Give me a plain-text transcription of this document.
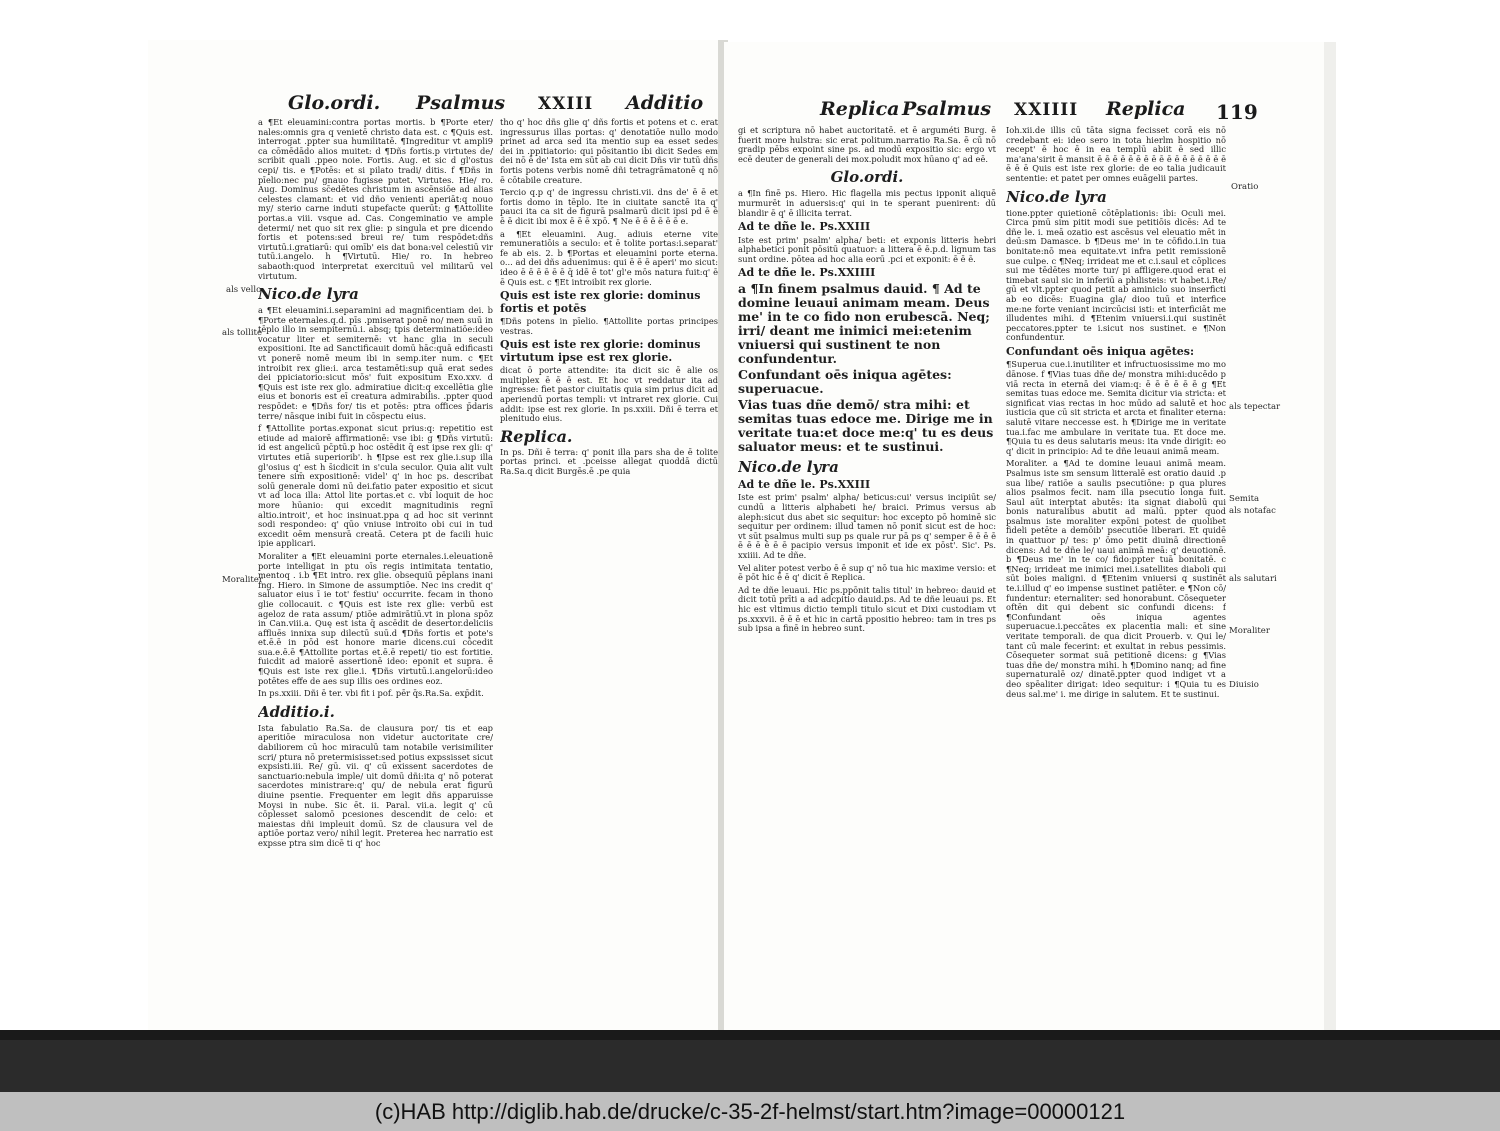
Glo.ordi. Psalmus XXIII Additio

a ¶Et eleuamini:contra portas mortis. b ¶Porte eter/ nales:omnis gra q venietē christo data est. c ¶Quis est. interrogat .ppter sua humilitatē. ¶Ingreditur vt ampli9 ca cōmēdādo alios muitet: d ¶Dñs fortis.p virtutes de/ scribit quali .ppeo noie. Fortis. Aug. et sic d gl'ostus cepi/ tis. e ¶Potēs: et si pilato tradi/ ditis. f ¶Dñs in pīelio:nec pu/ gnauo fugisse putet. Virtutes. Hie/ ro. Aug. Dominus sc̄edētes christum in ascēnsiōe ad alias celestes clamant: et vid dño venienti aperiāt:q nouo my/ sterio carne induti stupefacte querūt: g ¶Attollite portas.a viii. vsque ad. Cas. Congeminatio ve ample determi/ net quo sit rex glie: p singula et pre dicendo fortis et potens:sed breui re/ tum respōdet:dñs virtutū.i.gratiarū: qui omīb' eis dat bona:vel celestiū vir tutū.i.angelo. h ¶Virtutū. Hie/ ro. In hebreo sabaoth:quod interpretat exercituū vel militarū vel virtutum.

Nico.de lyra

a ¶Et eleuamini.i.separamini ad magnificentiam dei. b ¶Porte eternales.q.d. pīs .pmiserat ponē no/ men suū in tēplo illo in sempiternū.i. absq; tpis determinatiōe:ideo vocatur liter et semiternē: vt hanc glia in seculi expositioni. Ite ad Sanctificauit domū hāc:quā edificasti vt ponerē nomē meum ibi in semp.iter num. c ¶Et introibit rex glie:i. arca testamēti:sup quā erat sedes dei ppiciatorio:sicut mōs' fuit expositum Exo.xxv. d ¶Quis est iste rex glo. admiratiue dicit:q excellētia glie eius et bonoris est eī creatura admirabilis. .ppter quod respōdet: e ¶Dñs for/ tis et potēs: ptra offices p̄daris terre/ nāsque inibi fuit in cōspectu eius.

f ¶Attollite portas.exponat sicut prius:q: repetitio est etiude ad maiorē affirmationē: vse ibi: g ¶Dñs virtutū: id est angelicū pc̄ptū.p hoc ostēdit q̄ est ipse rex gli: q' virtutes etiā superiorib'. h ¶Ipse est rex glie.i.sup illa gl'osius q' est h s̄icdicit in s'cula seculor. Quia alit vult tenere sim̄ expositionē: videl' q' in hoc ps. describat solū generale domi nū dei.fatio pater expositio et sicut vt ad loca illa: Attol lite portas.et c. vbi loquit de hoc more hūanio: qui excedit magnitudinis regnī altio.introit', et hoc insinuat.ppa q ad hoc sit verinnt sodi respondeo: q' qūo vniuse introito obi cui in tud excedit oēm mensurā creatā. Cetera pt de facili huic ipie applicari.

Moraliter a ¶Et eleuamini porte eternales.i.eleuationē porte intelligat in ptu oīs regis intimitata tentatio, mentoq . i.b ¶Et intro. rex glie. obsequiū pēplans inani fng. Hiero. in Simone de assumptiōe. Nec ins credit q' saluator eius ī ie tot' festiu' occurrite. fecam in thono glie collocauit. c ¶Quis est iste rex glie: verbū est ageloz de rata assum/ ptiōe admirātiū.vt in plona spōz in Can.viii.a. Quę est ista q̄ ascēdit de desertor.deliciis affluēs innixa sup dilectū suū.d ¶Dñs fortis et pote's et.ē.ē in pōd est honore marie dicens.cui cōcedit sua.e.ē.ē ¶Attollite portas et.ē.ē repeti/ tio est fortitie. fuicdit ad maiorē assertionē ideo: eponit et supra. ē ¶Quis est iste rex glie.i. ¶Dñs virtutū.i.angelorū:ideo potētes effe de aes sup illis oes ordines eoz.

In ps.xxiii. Dñi ē ter. vbi fit i pof. pēr q̄s.Ra.Sa. exp̄dit.

Additio.i.

Ista fabulatio Ra.Sa. de clausura por/ tis et eap aperitiōe miraculosa non videtur auctoritate cre/ dabiliorem cū hoc miraculū tam notabile verisimiliter scri/ ptura nō pretermisisset:sed potius expssisset sicut expsisti.iii. Re/ gū. vii. q' cū exissent sacerdotes de sanctuario:nebula imple/ uit domū dñi:ita q' nō poterat sacerdotes ministrare:q' qu/ de nebula erat figurū diuine psentie. Frequenter em legit dñs apparuisse Moysi in nube. Sic ēt. ii. Paral. vii.a. legit q' cū cōplesset salomō pcesiones descendit de celo: et maiestas dñi impleuit domū. Sz de clausura vel de aptiōe portaz vero/ nihil legit. Preterea hec narratio est expsse ptra sim dicē ti q' hoc

tho q' hoc dñs glie q' dñs fortis et potens et c. erat ingressurus illas portas: q' denotatiōe nullo modo prinet ad arca sed ita mentio sup ea esset sedes dei in .ppitiatorio: qui pōsitantio ibi dicit Sedes em dei nō ē de' Ista em sūt ab cui dicit Dñs vir tutū dñs fortis potens verbis nomē dñi tetragrāmatonē q nō ē cōtabile creature.

Tercio q.p q' de ingressu christi.vii. dns de' ē ē et fortis domo in tēplo. Ite in ciuitate sanctē ita q' pauci ita ca sit de figurā psalmarū dicit ipsi pd ē ē ē ē dicit ibi mox ē ē ē xpō. ¶ Ne ē ē ē ē ē ē e.

a ¶Et eleuamini. Aug. adiuis eterne vite remuneratiōis a seculo: et ē tolite portas:i.separat' fe ab eis. 2. b ¶Portas et eleuamini porte eterna. o... ad dei dñs aduenimus: qui ē ē ē aperi' mo sicut: ideo ē ē ē ē ē ē q̄ idē ē tot' gl'e mōs natura fuit:q' ē ē Quis est. c ¶Et introibit rex glorie.

Quis est iste rex glorie: dominus fortis et potēs

¶Dñs potens in pīelio. ¶Attollite portas principes vestras.

Quis est iste rex glorie: dominus virtutum ipse est rex glorie.

dicat ō porte attendite: ita dicit sic ē alie os multiplex ē ē ē est. Et hoc vt reddatur ita ad ingresse: fiet pastor ciuitatis quia sim prius dicit ad aperiendū portas templi: vt intraret rex glorie. Cui addit: ipse est rex glorie. In ps.xxiii. Dñi ē terra et plenitudo eius.

Replica.

In ps. Dñi ē terra: q' ponit illa pars sha de ē tolite portas princi. et .pceisse allegat quoddā dictū Ra.Sa.q dicit Burgēs.ē .pe quia

als vello
als tollite
Moraliter
Replica Psalmus XXIIII Replica 119

gi et scriptura nō habet auctoritatē. et ē arguméti Burg. ē fuerit more hulstra: sic erat politum.narratio Ra.Sa. ē cū nō gradip pēbs expoint sine ps. ad modū expositio sic: ergo vt ecē deuter de generali dei mox.poludit mox hūano q' ad eē.

Glo.ordi.

a ¶In finē ps. Hiero. Hic flagella mis pectus ipponit aliquē murmurēt in aduersis:q' qui in te sperant puenirent: dū blandir ē q' ē illicita terrat.

Ad te dñe le. Ps.XXIII

Iste est prim' psalm' alpha/ beti: et exponis litteris hebri alphabetici ponit pōsitū quatuor: a littera ē ē.p.d. lignum tas sunt ordine. pōtea ad hoc alia eorū .pci et exponit: ē ē ē.

Ad te dñe le. Ps.XXIIII

a ¶In finem psalmus dauid. ¶ Ad te domine leuaui animam meam. Deus me' in te co fido non erubescā. Neq; irri/ deant me inimici mei:etenim vniuersi qui sustinent te non confundentur.

Confundant oēs iniqua agētes: superuacue.

Vias tuas dñe demō/ stra mihi: et semitas tuas edoce me. Dirige me in veritate tua:et doce me:q' tu es deus saluator meus: et te sustinui.

Nico.de lyra
Ad te dñe le. Ps.XXIII

Iste est prim' psalm' alpha/ beticus:cui' versus incipiūt se/ cundū a litteris alphabeti he/ braici. Primus versus ab aleph:sicut dus abet sic sequitur: hoc excepto pō hominē sic sequitur per ordinem: illud tamen nō ponit sicut est de hoc: vt sūt psalmus multi sup ps quale rur pā ps q' semper ē ē ē ē ē ē ē ē ē ē pacipio versus imponit et ide ex pōst'. Sic'. Ps. xxiiii. Ad te dñe.

Vel aliter potest verbo ē ē sup q' nō tua hic maxime versio: et ē pōt hic ē ē q' dicit ē Replica.

Ad te dñe leuaui. Hic ps.ppōnit talis titul' in hebreo: dauid et dicit totū prīti a ad adcpitio dauid.ps. Ad te dñe leuaui ps. Et hic est vltimus dictio templi titulo sicut et Dixi custodiam vt ps.xxxvii. ē ē ē et hic in cartā ppositio hebreo: tam in tres ps sub ipsa a finē in hebreo sunt.

Ioh.xii.de illis cū tāta signa fecisset corā eis nō credebant ei: ideo sero in tota hierlm hospitio nō recept' ē hoc ē in ea templū abiit ē sed illic ma'ana'sirit ē mansit ē ē ē ē ē ē ē ē ē ē ē ē ē ē ē ē ē ē ē ē Quis est iste rex glorie: de eo talia judicauit sententie: et patet per omnes euāgelii partes.

Nico.de lyra

tione.ppter quietionē cōtēplationis: ibi: Oculi mei. Circa pmū sim pitit modi sue petitiōis dicēs: Ad te dñe le. i. meā ozatio est ascēsus vel eleuatio mēt in deū:sm Damasce. b ¶Deus me' in te cōfido.i.in tua bonitate:nō mea equitate.vt infra petit remissionē sue culpe. c ¶Neq; irrideat me et c.i.saul et cōplices sui me tēdētes morte tur/ pi affligere.quod erat ei timebat saul sic in inferiū a philisteis: vt habet.i.Re/ gū et vlt.ppter quod petit ab aminiclo suo inserficti ab eo dicēs: Euagina gla/ dioo tuū et interfice me:ne forte veniant incircūcisi isti: et interficiāt me illudentes mihi. d ¶Etenim vniuersi.i.qui sustinēt peccatores.ppter te i.sicut nos sustinet. e ¶Non confundentur.

Confundant oēs iniqua agētes:

¶Superua cue.i.inutiliter et infructuosissime mo mo dānose. f ¶Vias tuas dñe de/ monstra mihi:ducēdo p viā recta in eternā dei viam:q: ē ē ē ē ē ē g ¶Et semitas tuas edoce me. Semita dicitur via stricta: et significat vias rectas in hoc mūdo ad salutē et hoc iusticia que cū sit stricta et arcta et finaliter eterna: salutē vitare neccesse est. h ¶Dirige me in veritate tua.i.fac me ambulare in veritate tua. Et doce me. ¶Quia tu es deus salutaris meus: ita vnde dirigit: eo q' dicit in principio: Ad te dñe leuaui animā meam.

Moraliter. a ¶Ad te domine leuaui animā meam. Psalmus iste sm sensum litteralē est oratio dauid .p sua libe/ ratiōe a saulis psecutiōne: p qua plures alios psalmos fecit. nam illa psecutio longa fuit. Saul aūt interptat abutēs: ita signat diabolū qui bonis naturalibus abutit ad malū. ppter quod psalmus iste moraliter expōni potest de quolibet fideli petēte a demōib' psecutiōe liberari. Et quidē in quattuor p/ tes: p' ōmo petit diuinā directionē dicens: Ad te dñe le/ uaui animā meā: q' deuotionē. b ¶Deus me' in te co/ fido:ppter tuā bonitatē. c ¶Neq; irrideat me inimici mei.i.satellites diaboli qui sūt boies maligni. d ¶Etenim vniuersi q sustinēt te.i.illud q' eo impense sustinet patiēter. e ¶Non cō/ fundentur: eternaliter: sed honorabunt. Cōsequeter oftēn dit qui debent sic confundi dicens: f ¶Confundant oēs iniqua agentes superuacue.i.peccātes ex placentia mali: et sine veritate temporali. de qua dicit Prouerb. v. Qui le/ tant cū male fecerint: et exultat in rebus pessimis. Cōsequeter sormat suā petitionē dicens: g ¶Vias tuas dñe de/ monstra mihi. h ¶Domino nanq; ad fine supernaturalē oz/ dinatē.ppter quod indiget vt a deo spēaliter dirigat: ideo sequitur: i ¶Quia tu es deus sal.me' i. me dirige in salutem. Et te sustinui.

Oratio
als tepectar
Semita
als notafac
als salutari
Moraliter
Diuisio
(c)HAB http://diglib.hab.de/drucke/c-35-2f-helmst/start.htm?image=00000121
